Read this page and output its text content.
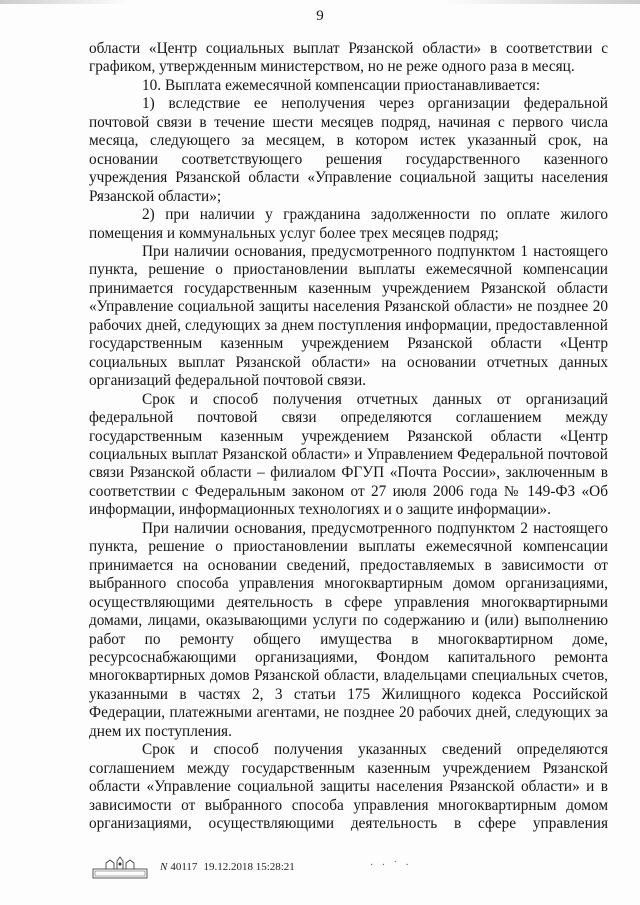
9

области «Центр социальных выплат Рязанской области» в соответствии с графиком, утвержденным министерством, но не реже одного раза в месяц.

10. Выплата ежемесячной компенсации приостанавливается:

1) вследствие ее неполучения через организации федеральной почтовой связи в течение шести месяцев подряд, начиная с первого числа месяца, следующего за месяцем, в котором истек указанный срок, на основании соответствующего решения государственного казенного учреждения Рязанской области «Управление социальной защиты населения Рязанской области»;

2) при наличии у гражданина задолженности по оплате жилого помещения и коммунальных услуг более трех месяцев подряд;

При наличии основания, предусмотренного подпунктом 1 настоящего пункта, решение о приостановлении выплаты ежемесячной компенсации принимается государственным казенным учреждением Рязанской области «Управление социальной защиты населения Рязанской области» не позднее 20 рабочих дней, следующих за днем поступления информации, предоставленной государственным казенным учреждением Рязанской области «Центр социальных выплат Рязанской области» на основании отчетных данных организаций федеральной почтовой связи.

Срок и способ получения отчетных данных от организаций федеральной почтовой связи определяются соглашением между государственным казенным учреждением Рязанской области «Центр социальных выплат Рязанской области» и Управлением Федеральной почтовой связи Рязанской области – филиалом ФГУП «Почта России», заключенным в соответствии с Федеральным законом от 27 июля 2006 года № 149-ФЗ «Об информации, информационных технологиях и о защите информации».

При наличии основания, предусмотренного подпунктом 2 настоящего пункта, решение о приостановлении выплаты ежемесячной компенсации принимается на основании сведений, предоставляемых в зависимости от выбранного способа управления многоквартирным домом организациями, осуществляющими деятельность в сфере управления многоквартирными домами, лицами, оказывающими услуги по содержанию и (или) выполнению работ по ремонту общего имущества в многоквартирном доме, ресурсоснабжающими организациями, Фондом капитального ремонта многоквартирных домов Рязанской области, владельцами специальных счетов, указанными в частях 2, 3 статьи 175 Жилищного кодекса Российской Федерации, платежными агентами, не позднее 20 рабочих дней, следующих за днем их поступления.

Срок и способ получения указанных сведений определяются соглашением между государственным казенным учреждением Рязанской области «Управление социальной защиты населения Рязанской области» и в зависимости от выбранного способа управления многоквартирным домом организациями, осуществляющими деятельность в сфере управления

N 40117 19.12.2018 15:28:21	· · ˙ ·
